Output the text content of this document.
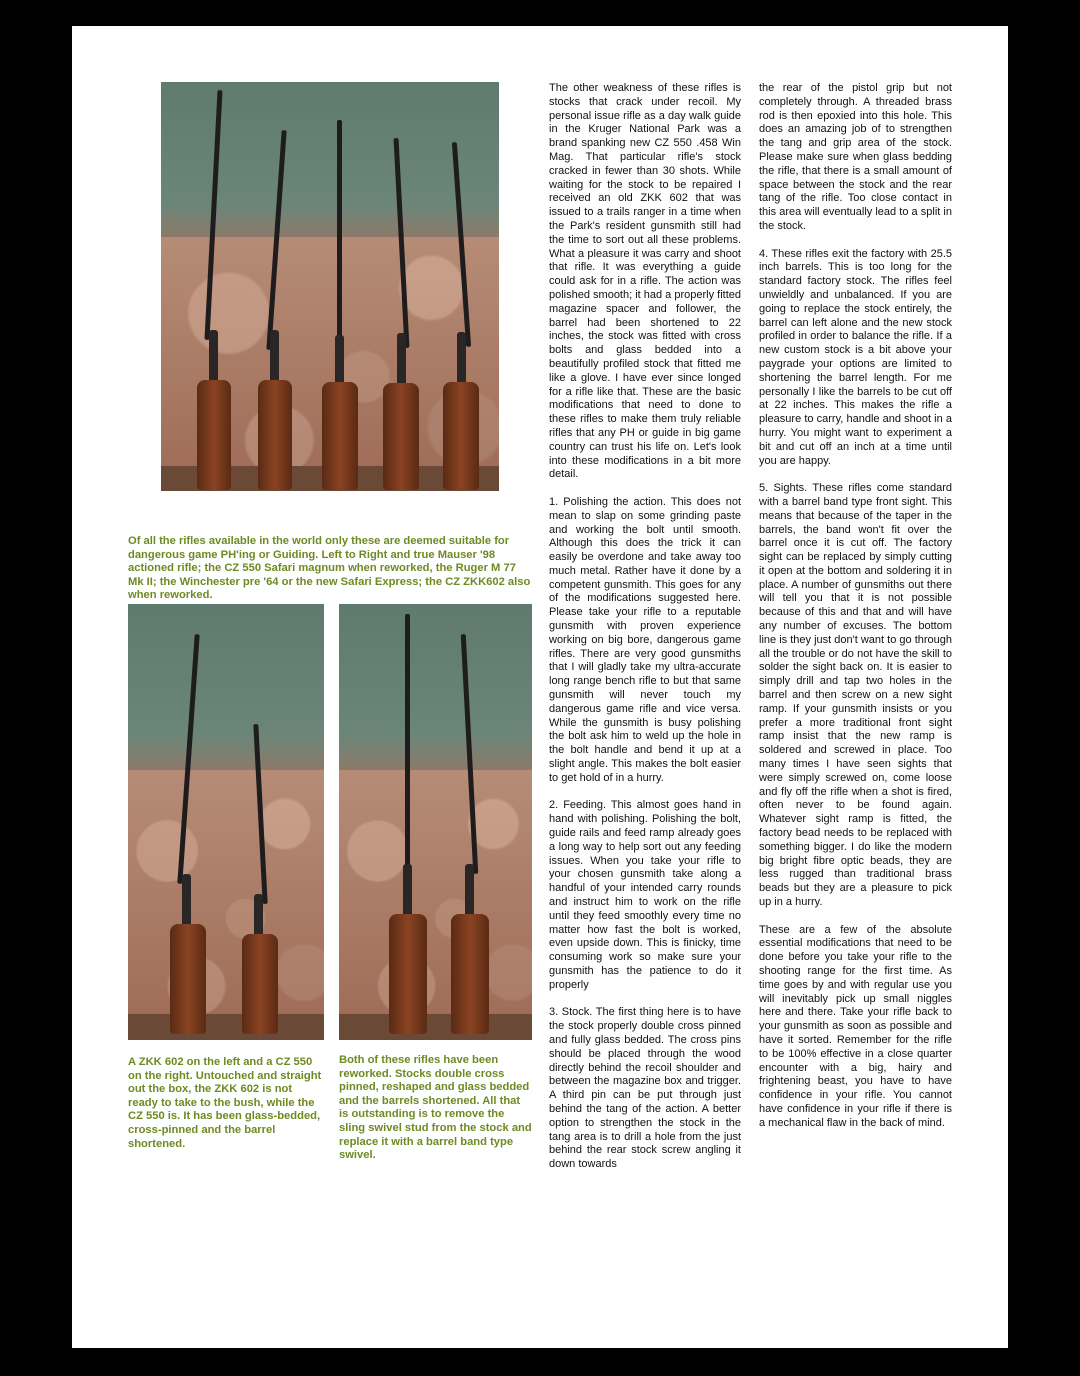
Of all the rifles available in the world only these are deemed suitable for dangerous game PH'ing or Guiding. Left to Right and true Mauser '98 actioned rifle; the CZ 550 Safari magnum when reworked, the Ruger M 77 Mk II; the Winchester pre '64 or the new Safari Express; the CZ ZKK602 also when reworked.

A ZKK 602 on the left and a CZ 550 on the right. Untouched and straight out the box, the ZKK 602 is not ready to take to the bush, while the CZ 550 is. It has been glass-bedded, cross-pinned and the barrel shortened.

Both of these rifles have been reworked. Stocks double cross pinned, reshaped and glass bedded and the barrels shortened. All that is outstanding is to remove the sling swivel stud from the stock and replace it with a barrel band type swivel.

The other weakness of these rifles is stocks that crack under recoil. My personal issue rifle as a day walk guide in the Kruger National Park was a brand spanking new CZ 550 .458 Win Mag. That particular rifle's stock cracked in fewer than 30 shots. While waiting for the stock to be repaired I received an old ZKK 602 that was issued to a trails ranger in a time when the Park's resident gunsmith still had the time to sort out all these problems. What a pleasure it was carry and shoot that rifle. It was everything a guide could ask for in a rifle. The action was polished smooth; it had a properly fitted magazine spacer and follower, the barrel had been shortened to 22 inches, the stock was fitted with cross bolts and glass bedded into a beautifully profiled stock that fitted me like a glove. I have ever since longed for a rifle like that. These are the basic modifications that need to done to these rifles to make them truly reliable rifles that any PH or guide in big game country can trust his life on. Let's look into these modifications in a bit more detail.

1. Polishing the action. This does not mean to slap on some grinding paste and working the bolt until smooth. Although this does the trick it can easily be overdone and take away too much metal. Rather have it done by a competent gunsmith. This goes for any of the modifications suggested here. Please take your rifle to a reputable gunsmith with proven experience working on big bore, dangerous game rifles. There are very good gunsmiths that I will gladly take my ultra-accurate long range bench rifle to but that same gunsmith will never touch my dangerous game rifle and vice versa. While the gunsmith is busy polishing the bolt ask him to weld up the hole in the bolt handle and bend it up at a slight angle. This makes the bolt easier to get hold of in a hurry.

2. Feeding. This almost goes hand in hand with polishing. Polishing the bolt, guide rails and feed ramp already goes a long way to help sort out any feeding issues. When you take your rifle to your chosen gunsmith take along a handful of your intended carry rounds and instruct him to work on the rifle until they feed smoothly every time no matter how fast the bolt is worked, even upside down. This is finicky, time consuming work so make sure your gunsmith has the patience to do it properly

3. Stock. The first thing here is to have the stock properly double cross pinned and fully glass bedded. The cross pins should be placed through the wood directly behind the recoil shoulder and between the magazine box and trigger. A third pin can be put through just behind the tang of the action. A better option to strengthen the stock in the tang area is to drill a hole from the just behind the rear stock screw angling it down towards

the rear of the pistol grip but not completely through. A threaded brass rod is then epoxied into this hole. This does an amazing job of to strengthen the tang and grip area of the stock. Please make sure when glass bedding the rifle, that there is a small amount of space between the stock and the rear tang of the rifle. Too close contact in this area will eventually lead to a split in the stock.

4. These rifles exit the factory with 25.5 inch barrels. This is too long for the standard factory stock. The rifles feel unwieldly and unbalanced. If you are going to replace the stock entirely, the barrel can left alone and the new stock profiled in order to balance the rifle. If a new custom stock is a bit above your paygrade your options are limited to shortening the barrel length. For me personally I like the barrels to be cut off at 22 inches. This makes the rifle a pleasure to carry, handle and shoot in a hurry. You might want to experiment a bit and cut off an inch at a time until you are happy.

5. Sights. These rifles come standard with a barrel band type front sight. This means that because of the taper in the barrels, the band won't fit over the barrel once it is cut off. The factory sight can be replaced by simply cutting it open at the bottom and soldering it in place. A number of gunsmiths out there will tell you that it is not possible because of this and that and will have any number of excuses. The bottom line is they just don't want to go through all the trouble or do not have the skill to solder the sight back on. It is easier to simply drill and tap two holes in the barrel and then screw on a new sight ramp. If your gunsmith insists or you prefer a more traditional front sight ramp insist that the new ramp is soldered and screwed in place. Too many times I have seen sights that were simply screwed on, come loose and fly off the rifle when a shot is fired, often never to be found again. Whatever sight ramp is fitted, the factory bead needs to be replaced with something bigger. I do like the modern big bright fibre optic beads, they are less rugged than traditional brass beads but they are a pleasure to pick up in a hurry.

These are a few of the absolute essential modifications that need to be done before you take your rifle to the shooting range for the first time. As time goes by and with regular use you will inevitably pick up small niggles here and there. Take your rifle back to your gunsmith as soon as possible and have it sorted. Remember for the rifle to be 100% effective in a close quarter encounter with a big, hairy and frightening beast, you have to have confidence in your rifle. You cannot have confidence in your rifle if there is a mechanical flaw in the back of mind.
